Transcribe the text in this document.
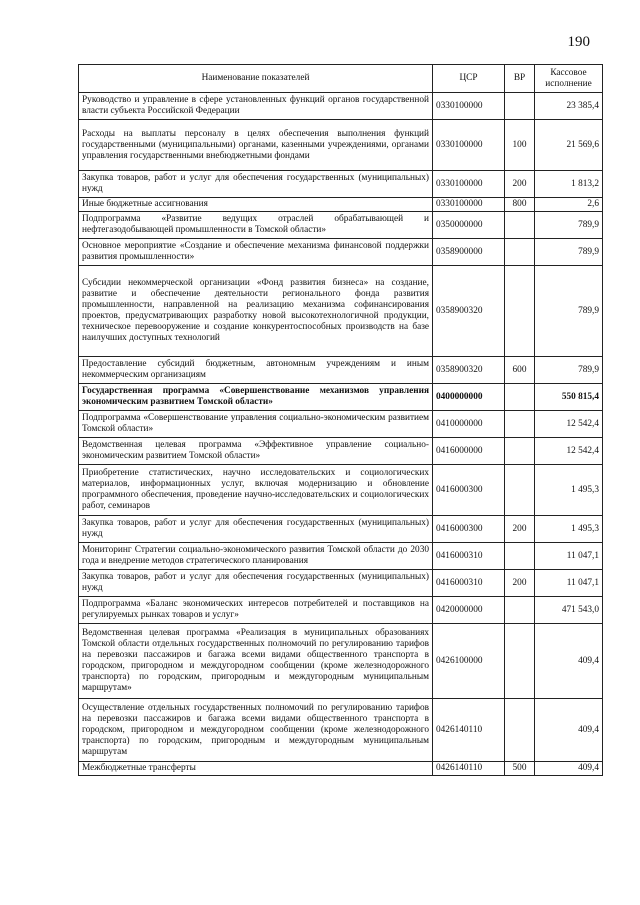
190
Наименование показателей	ЦСР	ВР	Кассовое исполнение
Руководство и управление в сфере установленных функций органов государственной власти субъекта Российской Федерации	0330100000		23 385,4
Расходы на выплаты персоналу в целях обеспечения выполнения функций государственными (муниципальными) органами, казенными учреждениями, органами управления государственными внебюджетными фондами	0330100000	100	21 569,6
Закупка товаров, работ и услуг для обеспечения государственных (муниципальных) нужд	0330100000	200	1 813,2
Иные бюджетные ассигнования	0330100000	800	2,6
Подпрограмма «Развитие ведущих отраслей обрабатывающей и нефтегазодобывающей промышленности в Томской области»	0350000000		789,9
Основное мероприятие «Создание и обеспечение механизма финансовой поддержки развития промышленности»	0358900000		789,9
Субсидии некоммерческой организации «Фонд развития бизнеса» на создание, развитие и обеспечение деятельности регионального фонда развития промышленности, направленной на реализацию механизма софинансирования проектов, предусматривающих разработку новой высокотехнологичной продукции, техническое перевооружение и создание конкурентоспособных производств на базе наилучших доступных технологий	0358900320		789,9
Предоставление субсидий бюджетным, автономным учреждениям и иным некоммерческим организациям	0358900320	600	789,9
Государственная программа «Совершенствование механизмов управления экономическим развитием Томской области»	0400000000		550 815,4
Подпрограмма «Совершенствование управления социально-экономическим развитием Томской области»	0410000000		12 542,4
Ведомственная целевая программа «Эффективное управление социально-экономическим развитием Томской области»	0416000000		12 542,4
Приобретение статистических, научно исследовательских и социологических материалов, информационных услуг, включая модернизацию и обновление программного обеспечения, проведение научно-исследовательских и социологических работ, семинаров	0416000300		1 495,3
Закупка товаров, работ и услуг для обеспечения государственных (муниципальных) нужд	0416000300	200	1 495,3
Мониторинг Стратегии социально-экономического развития Томской области до 2030 года и внедрение методов стратегического планирования	0416000310		11 047,1
Закупка товаров, работ и услуг для обеспечения государственных (муниципальных) нужд	0416000310	200	11 047,1
Подпрограмма «Баланс экономических интересов потребителей и поставщиков на регулируемых рынках товаров и услуг»	0420000000		471 543,0
Ведомственная целевая программа «Реализация в муниципальных образованиях Томской области отдельных государственных полномочий по регулированию тарифов на перевозки пассажиров и багажа всеми видами общественного транспорта в городском, пригородном и междугородном сообщении (кроме железнодорожного транспорта) по городским, пригородным и междугородным муниципальным маршрутам»	0426100000		409,4
Осуществление отдельных государственных полномочий по регулированию тарифов на перевозки пассажиров и багажа всеми видами общественного транспорта в городском, пригородном и междугородном сообщении (кроме железнодорожного транспорта) по городским, пригородным и междугородным муниципальным маршрутам	0426140110		409,4
Межбюджетные трансферты	0426140110	500	409,4
